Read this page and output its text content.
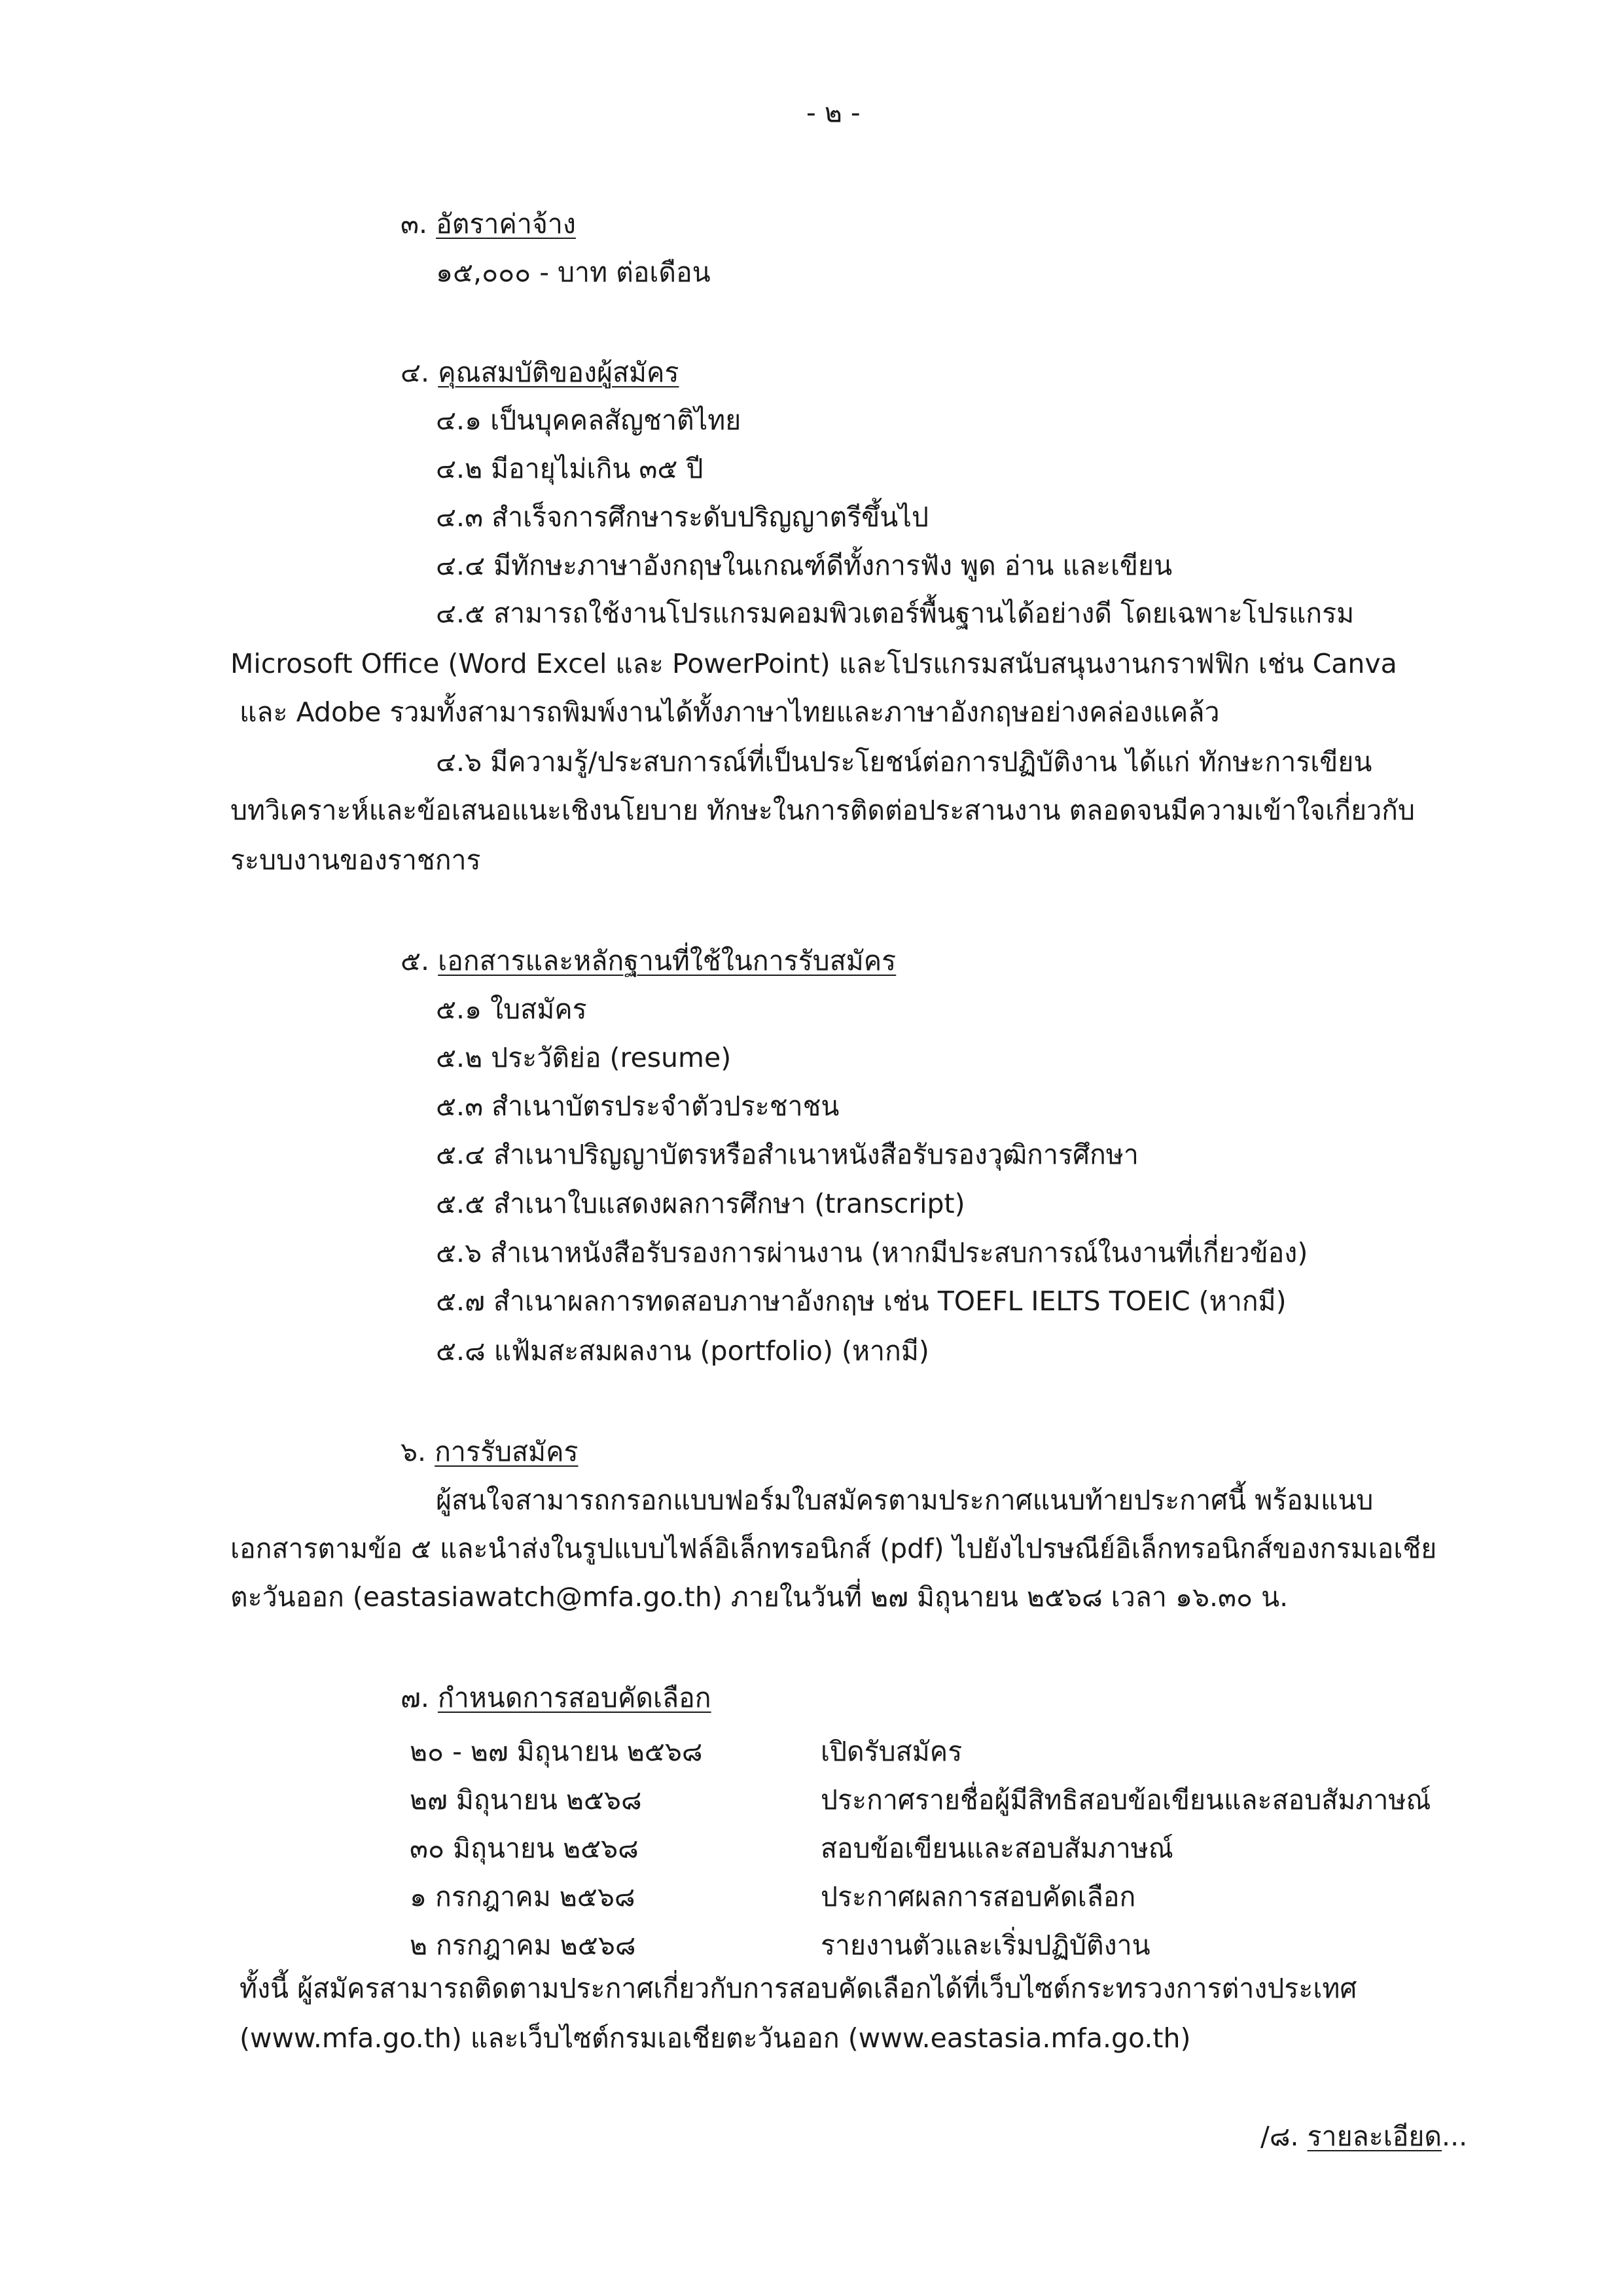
- ๒ -
๓. อัตราค่าจ้าง
๑๕,๐๐๐ - บาท ต่อเดือน
๔. คุณสมบัติของผู้สมัคร
๔.๑ เป็นบุคคลสัญชาติไทย
๔.๒ มีอายุไม่เกิน ๓๕ ปี
๔.๓ สำเร็จการศึกษาระดับปริญญาตรีขึ้นไป
๔.๔ มีทักษะภาษาอังกฤษในเกณฑ์ดีทั้งการฟัง พูด อ่าน และเขียน
๔.๕ สามารถใช้งานโปรแกรมคอมพิวเตอร์พื้นฐานได้อย่างดี โดยเฉพาะโปรแกรม
Microsoft Office (Word Excel และ PowerPoint) และโปรแกรมสนับสนุนงานกราฟฟิก เช่น Canva
และ Adobe รวมทั้งสามารถพิมพ์งานได้ทั้งภาษาไทยและภาษาอังกฤษอย่างคล่องแคล้ว
๔.๖ มีความรู้/ประสบการณ์ที่เป็นประโยชน์ต่อการปฏิบัติงาน ได้แก่ ทักษะการเขียน
บทวิเคราะห์และข้อเสนอแนะเชิงนโยบาย ทักษะในการติดต่อประสานงาน ตลอดจนมีความเข้าใจเกี่ยวกับ
ระบบงานของราชการ
๕. เอกสารและหลักฐานที่ใช้ในการรับสมัคร
๕.๑ ใบสมัคร
๕.๒ ประวัติย่อ (resume)
๕.๓ สำเนาบัตรประจำตัวประชาชน
๕.๔ สำเนาปริญญาบัตรหรือสำเนาหนังสือรับรองวุฒิการศึกษา
๕.๕ สำเนาใบแสดงผลการศึกษา (transcript)
๕.๖ สำเนาหนังสือรับรองการผ่านงาน (หากมีประสบการณ์ในงานที่เกี่ยวข้อง)
๕.๗ สำเนาผลการทดสอบภาษาอังกฤษ เช่น TOEFL IELTS TOEIC (หากมี)
๕.๘ แฟ้มสะสมผลงาน (portfolio) (หากมี)
๖. การรับสมัคร
ผู้สนใจสามารถกรอกแบบฟอร์มใบสมัครตามประกาศแนบท้ายประกาศนี้ พร้อมแนบ
เอกสารตามข้อ ๕ และนำส่งในรูปแบบไฟล์อิเล็กทรอนิกส์ (pdf) ไปยังไปรษณีย์อิเล็กทรอนิกส์ของกรมเอเชีย
ตะวันออก (eastasiawatch@mfa.go.th) ภายในวันที่ ๒๗ มิถุนายน ๒๕๖๘ เวลา ๑๖.๓๐ น.
๗. กำหนดการสอบคัดเลือก
๒๐ - ๒๗ มิถุนายน ๒๕๖๘	เปิดรับสมัคร
๒๗ มิถุนายน ๒๕๖๘	ประกาศรายชื่อผู้มีสิทธิสอบข้อเขียนและสอบสัมภาษณ์
๓๐ มิถุนายน ๒๕๖๘	สอบข้อเขียนและสอบสัมภาษณ์
๑ กรกฎาคม ๒๕๖๘	ประกาศผลการสอบคัดเลือก
๒ กรกฎาคม ๒๕๖๘	รายงานตัวและเริ่มปฏิบัติงาน
ทั้งนี้ ผู้สมัครสามารถติดตามประกาศเกี่ยวกับการสอบคัดเลือกได้ที่เว็บไซต์กระทรวงการต่างประเทศ
(www.mfa.go.th) และเว็บไซต์กรมเอเชียตะวันออก (www.eastasia.mfa.go.th)
/๘. รายละเอียด...
